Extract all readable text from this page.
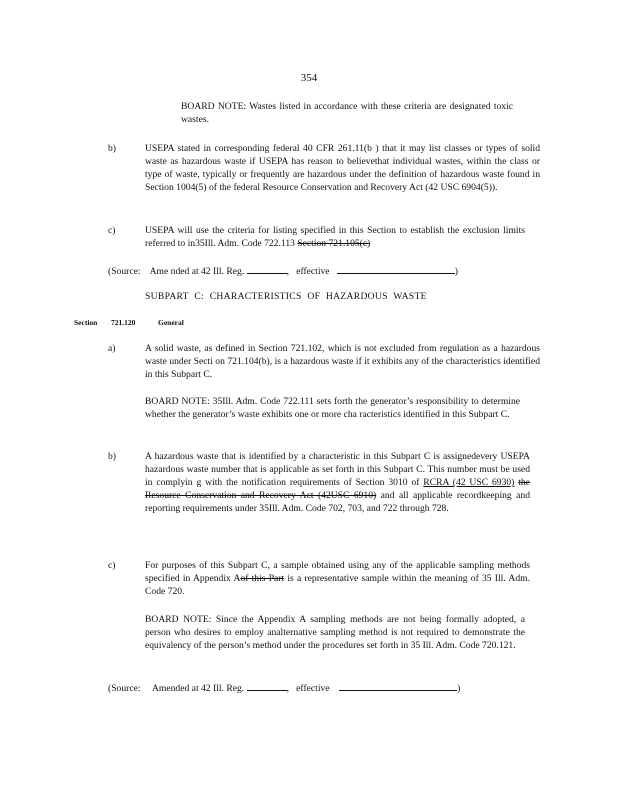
354
BOARD NOTE: Wastes listed in accordance with these criteria are designated toxic wastes.
b)	USEPA stated in corresponding federal 40 CFR 261.11(b ) that it may list classes or types of solid waste as hazardous waste if USEPA has reason to believethat individual wastes, within the class or type of waste, typically or frequently are hazardous under the definition of hazardous waste found in Section 1004(5) of the federal Resource Conservation and Recovery Act (42 USC 6904(5)).
c)	USEPA will use the criteria for listing specified in this Section to establish the exclusion limits referred to in35Ill. Adm. Code 722.113 Section 721.105(c)
(Source: Ame nded at 42 Ill. Reg.	,   effective	)
SUBPART C: CHARACTERISTICS OF HAZARDOUS WASTE
Section 721.120	General
a)	A solid waste, as defined in Section 721.102, which is not excluded from regulation as a hazardous waste under Secti on 721.104(b), is a hazardous waste if it exhibits any of the characteristics identified in this Subpart C.
BOARD NOTE: 35Ill. Adm. Code 722.111 sets forth the generator’s responsibility to determine whether the generator’s waste exhibits one or more cha racteristics identified in this Subpart C.
b)	A hazardous waste that is identified by a characteristic in this Subpart C is assignedevery USEPA hazardous waste number that is applicable as set forth in this Subpart C. This number must be used in complyin g with the notification requirements of Section 3010 of RCRA (42 USC 6930) the Resource Conservation and Recovery Act (42USC 6910) and all applicable recordkeeping and reporting requirements under 35Ill. Adm. Code 702, 703, and 722 through 728.
c)	For purposes of this Subpart C, a sample obtained using any of the applicable sampling methods specified in Appendix Aof this Part is a representative sample within the meaning of 35 Ill. Adm. Code 720.
BOARD NOTE: Since the Appendix A sampling methods are not being formally adopted, a person who desires to employ analternative sampling method is not required to demonstrate the equivalency of the person’s method under the procedures set forth in 35 Ill. Adm. Code 720.121.
(Source: Amended at 42 Ill. Reg.	,   effective	)
